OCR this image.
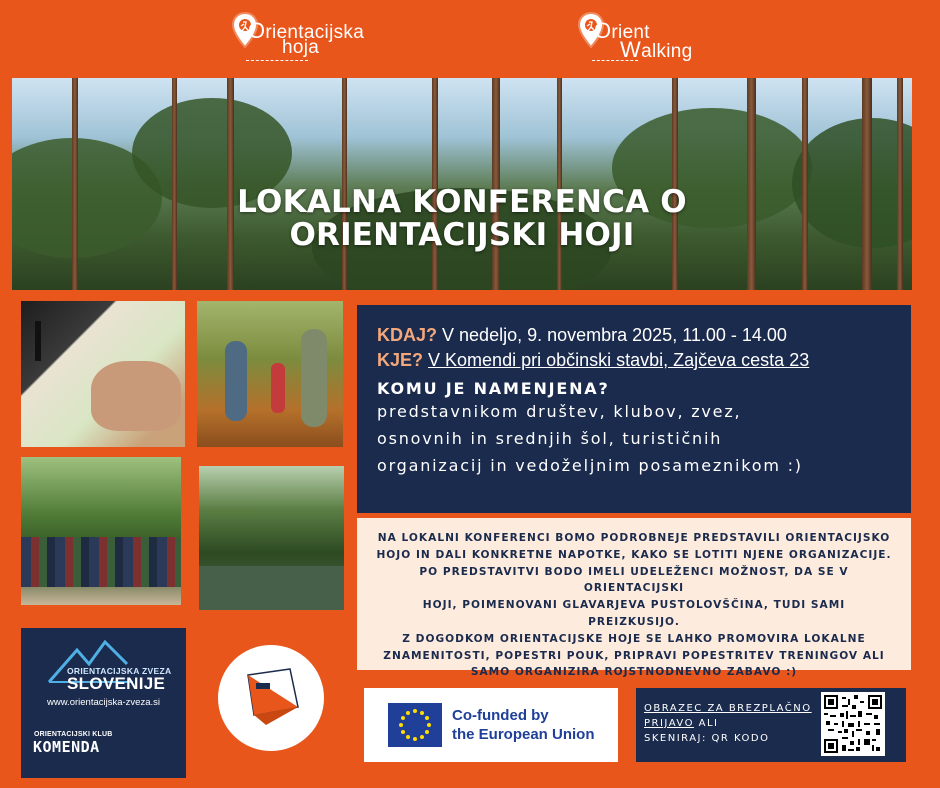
Orientacijska
hoja
Orient
Walking
LOKALNA KONFERENCA O
ORIENTACIJSKI HOJI
KDAJ? V nedeljo, 9. novembra 2025, 11.00 - 14.00
KJE? V Komendi pri občinski stavbi, Zajčeva cesta 23
KOMU JE NAMENJENA?
predstavnikom društev, klubov, zvez,
osnovnih in srednjih šol, turističnih
organizacij in vedoželjnim posameznikom :)
NA LOKALNI KONFERENCI BOMO PODROBNEJE PREDSTAVILI ORIENTACIJSKO
HOJO IN DALI KONKRETNE NAPOTKE, KAKO SE LOTITI NJENE ORGANIZACIJE.
PO PREDSTAVITVI BODO IMELI UDELEŽENCI MOŽNOST, DA SE V ORIENTACIJSKI
HOJI, POIMENOVANI GLAVARJEVA PUSTOLOVŠČINA, TUDI SAMI PREIZKUSIJO.
Z DOGODKOM ORIENTACIJSKE HOJE SE LAHKO PROMOVIRA LOKALNE
ZNAMENITOSTI, POPESTRI POUK, PRIPRAVI POPESTRITEV TRENINGOV ALI
SAMO ORGANIZIRA ROJSTNODNEVNO ZABAVO :)
ORIENTACIJSKA ZVEZA
SLOVENIJE
www.orientacijska-zveza.si
ORIENTACIJSKI KLUB
KOMENDA
Co-funded by
the European Union
OBRAZEC ZA BREZPLAČNO
PRIJAVO ALI
SKENIRAJ: QR KODO
